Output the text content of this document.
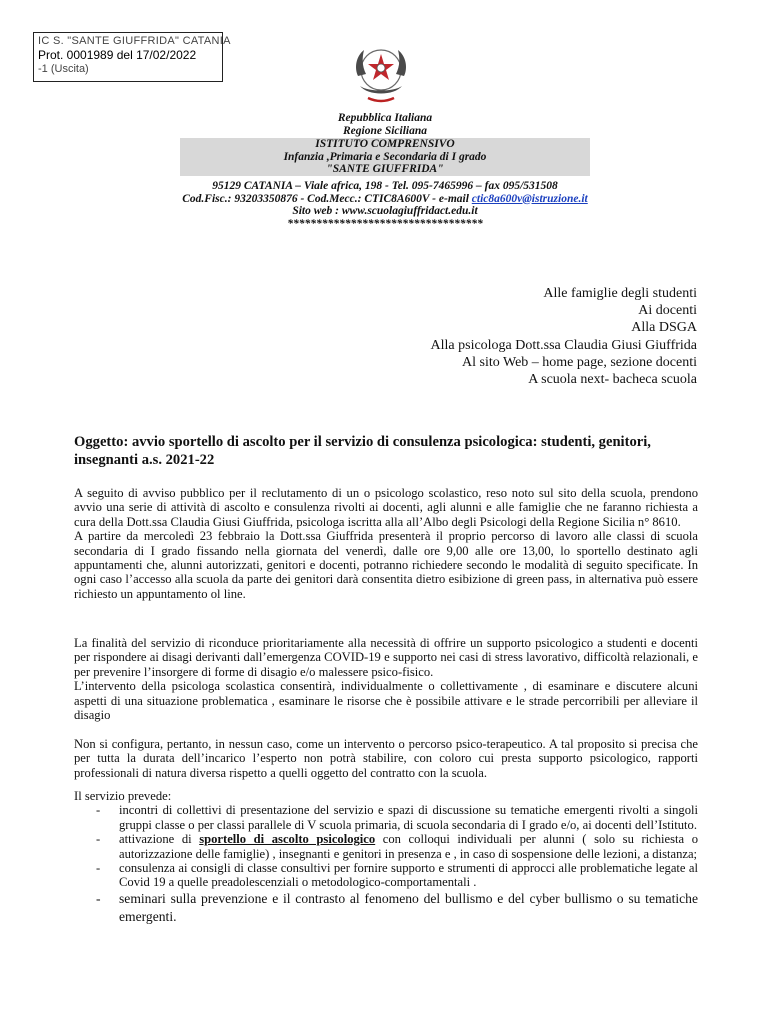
IC S. "SANTE GIUFFRIDA" CATANIA
Prot. 0001989 del 17/02/2022
-1 (Uscita)
Repubblica Italiana
Regione Siciliana
ISTITUTO COMPRENSIVO
Infanzia ,Primaria e Secondaria di I grado
"SANTE GIUFFRIDA"
95129 CATANIA – Viale africa, 198 - Tel. 095-7465996 – fax 095/531508
Cod.Fisc.: 93203350876 - Cod.Mecc.: CTIC8A600V - e-mail ctic8a600v@istruzione.it
Sito web : www.scuolagiuffridact.edu.it
**********************************
Alle famiglie degli studenti
Ai docenti
Alla DSGA
Alla psicologa Dott.ssa Claudia Giusi Giuffrida
Al sito Web – home page, sezione docenti
A scuola next- bacheca scuola
Oggetto: avvio sportello di ascolto per il servizio di consulenza psicologica: studenti, genitori, insegnanti a.s. 2021-22

A seguito di avviso pubblico per il reclutamento di un o psicologo scolastico, reso noto sul sito della scuola, prendono avvio una serie di attività di ascolto e consulenza rivolti ai docenti, agli alunni e alle famiglie che ne faranno richiesta a cura della Dott.ssa Claudia Giusi Giuffrida, psicologa iscritta alla all’Albo degli Psicologi della Regione Sicilia n° 8610.

A partire da mercoledì 23 febbraio la Dott.ssa Giuffrida presenterà il proprio percorso di lavoro alle classi di scuola secondaria di I grado fissando nella giornata del venerdì, dalle ore 9,00 alle ore 13,00, lo sportello destinato agli appuntamenti che, alunni autorizzati, genitori e docenti, potranno richiedere secondo le modalità di seguito specificate. In ogni caso l’accesso alla scuola da parte dei genitori darà consentita dietro esibizione di green pass, in alternativa può essere richiesto un appuntamento ol line.

La finalità del servizio di riconduce prioritariamente alla necessità di offrire un supporto psicologico a studenti e docenti per rispondere ai disagi derivanti dall’emergenza COVID-19 e supporto nei casi di stress lavorativo, difficoltà relazionali, e per prevenire l’insorgere di forme di disagio e/o malessere psico-fisico.

L’intervento della psicologa scolastica consentirà, individualmente o collettivamente , di esaminare e discutere alcuni aspetti di una situazione problematica , esaminare le risorse che è possibile attivare e le strade percorribili per alleviare il disagio

Non si configura, pertanto, in nessun caso, come un intervento o percorso psico-terapeutico. A tal proposito si precisa che per tutta la durata dell’incarico l’esperto non potrà stabilire, con coloro cui presta supporto psicologico, rapporti professionali di natura diversa rispetto a quelli oggetto del contratto con la scuola.

Il servizio prevede:

- incontri di collettivi di presentazione del servizio e spazi di discussione su tematiche emergenti rivolti a singoli gruppi classe o per classi parallele di V scuola primaria, di scuola secondaria di I grado e/o, ai docenti dell’Istituto.
- attivazione di sportello di ascolto psicologico con colloqui individuali per alunni ( solo su richiesta o autorizzazione delle famiglie) , insegnanti e genitori in presenza e , in caso di sospensione delle lezioni, a distanza;
- consulenza ai consigli di classe consultivi per fornire supporto e strumenti di approcci alle problematiche legate al Covid 19 a quelle preadolescenziali o metodologico-comportamentali .
- seminari sulla prevenzione e il contrasto al fenomeno del bullismo e del cyber bullismo o su tematiche emergenti.
